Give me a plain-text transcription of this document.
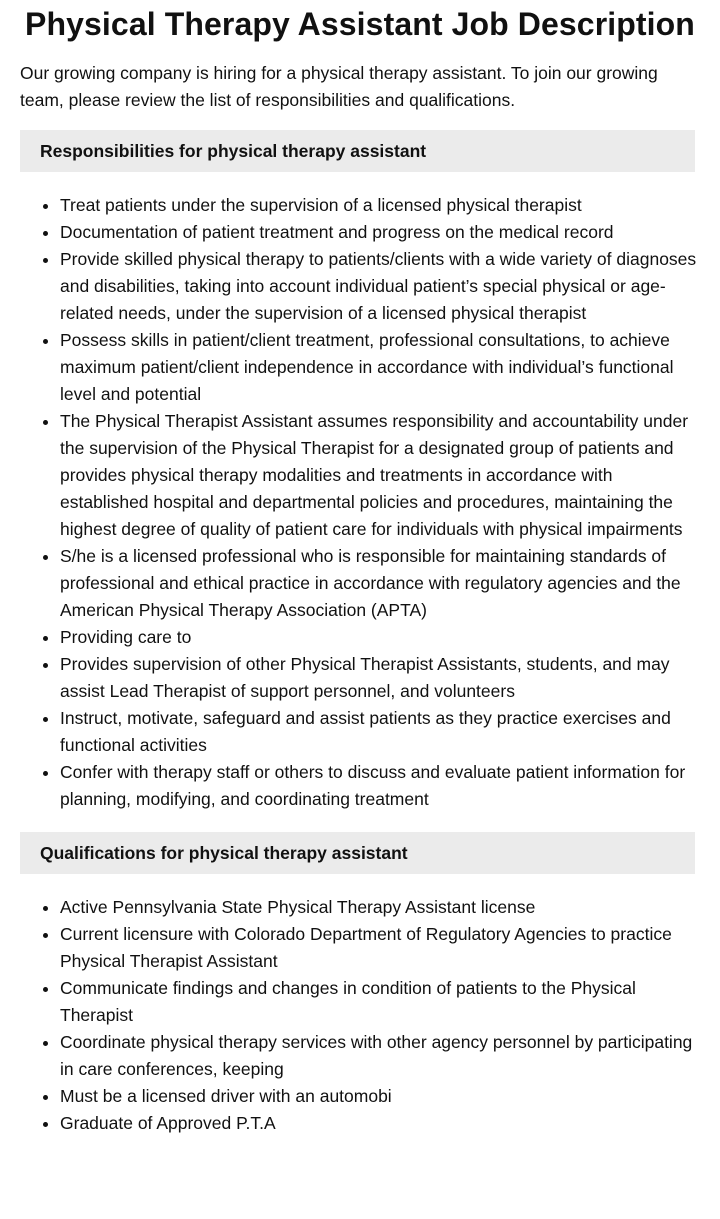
Physical Therapy Assistant Job Description

Our growing company is hiring for a physical therapy assistant. To join our growing team, please review the list of responsibilities and qualifications.

Responsibilities for physical therapy assistant
• Treat patients under the supervision of a licensed physical therapist
• Documentation of patient treatment and progress on the medical record
• Provide skilled physical therapy to patients/clients with a wide variety of diagnoses and disabilities, taking into account individual patient’s special physical or age-related needs, under the supervision of a licensed physical therapist
• Possess skills in patient/client treatment, professional consultations, to achieve maximum patient/client independence in accordance with individual’s functional level and potential
• The Physical Therapist Assistant assumes responsibility and accountability under the supervision of the Physical Therapist for a designated group of patients and provides physical therapy modalities and treatments in accordance with established hospital and departmental policies and procedures, maintaining the highest degree of quality of patient care for individuals with physical impairments
• S/he is a licensed professional who is responsible for maintaining standards of professional and ethical practice in accordance with regulatory agencies and the American Physical Therapy Association (APTA)
• Providing care to
• Provides supervision of other Physical Therapist Assistants, students, and may assist Lead Therapist of support personnel, and volunteers
• Instruct, motivate, safeguard and assist patients as they practice exercises and functional activities
• Confer with therapy staff or others to discuss and evaluate patient information for planning, modifying, and coordinating treatment
Qualifications for physical therapy assistant
• Active Pennsylvania State Physical Therapy Assistant license
• Current licensure with Colorado Department of Regulatory Agencies to practice Physical Therapist Assistant
• Communicate findings and changes in condition of patients to the Physical Therapist
• Coordinate physical therapy services with other agency personnel by participating in care conferences, keeping
• Must be a licensed driver with an automobi
• Graduate of Approved P.T.A
